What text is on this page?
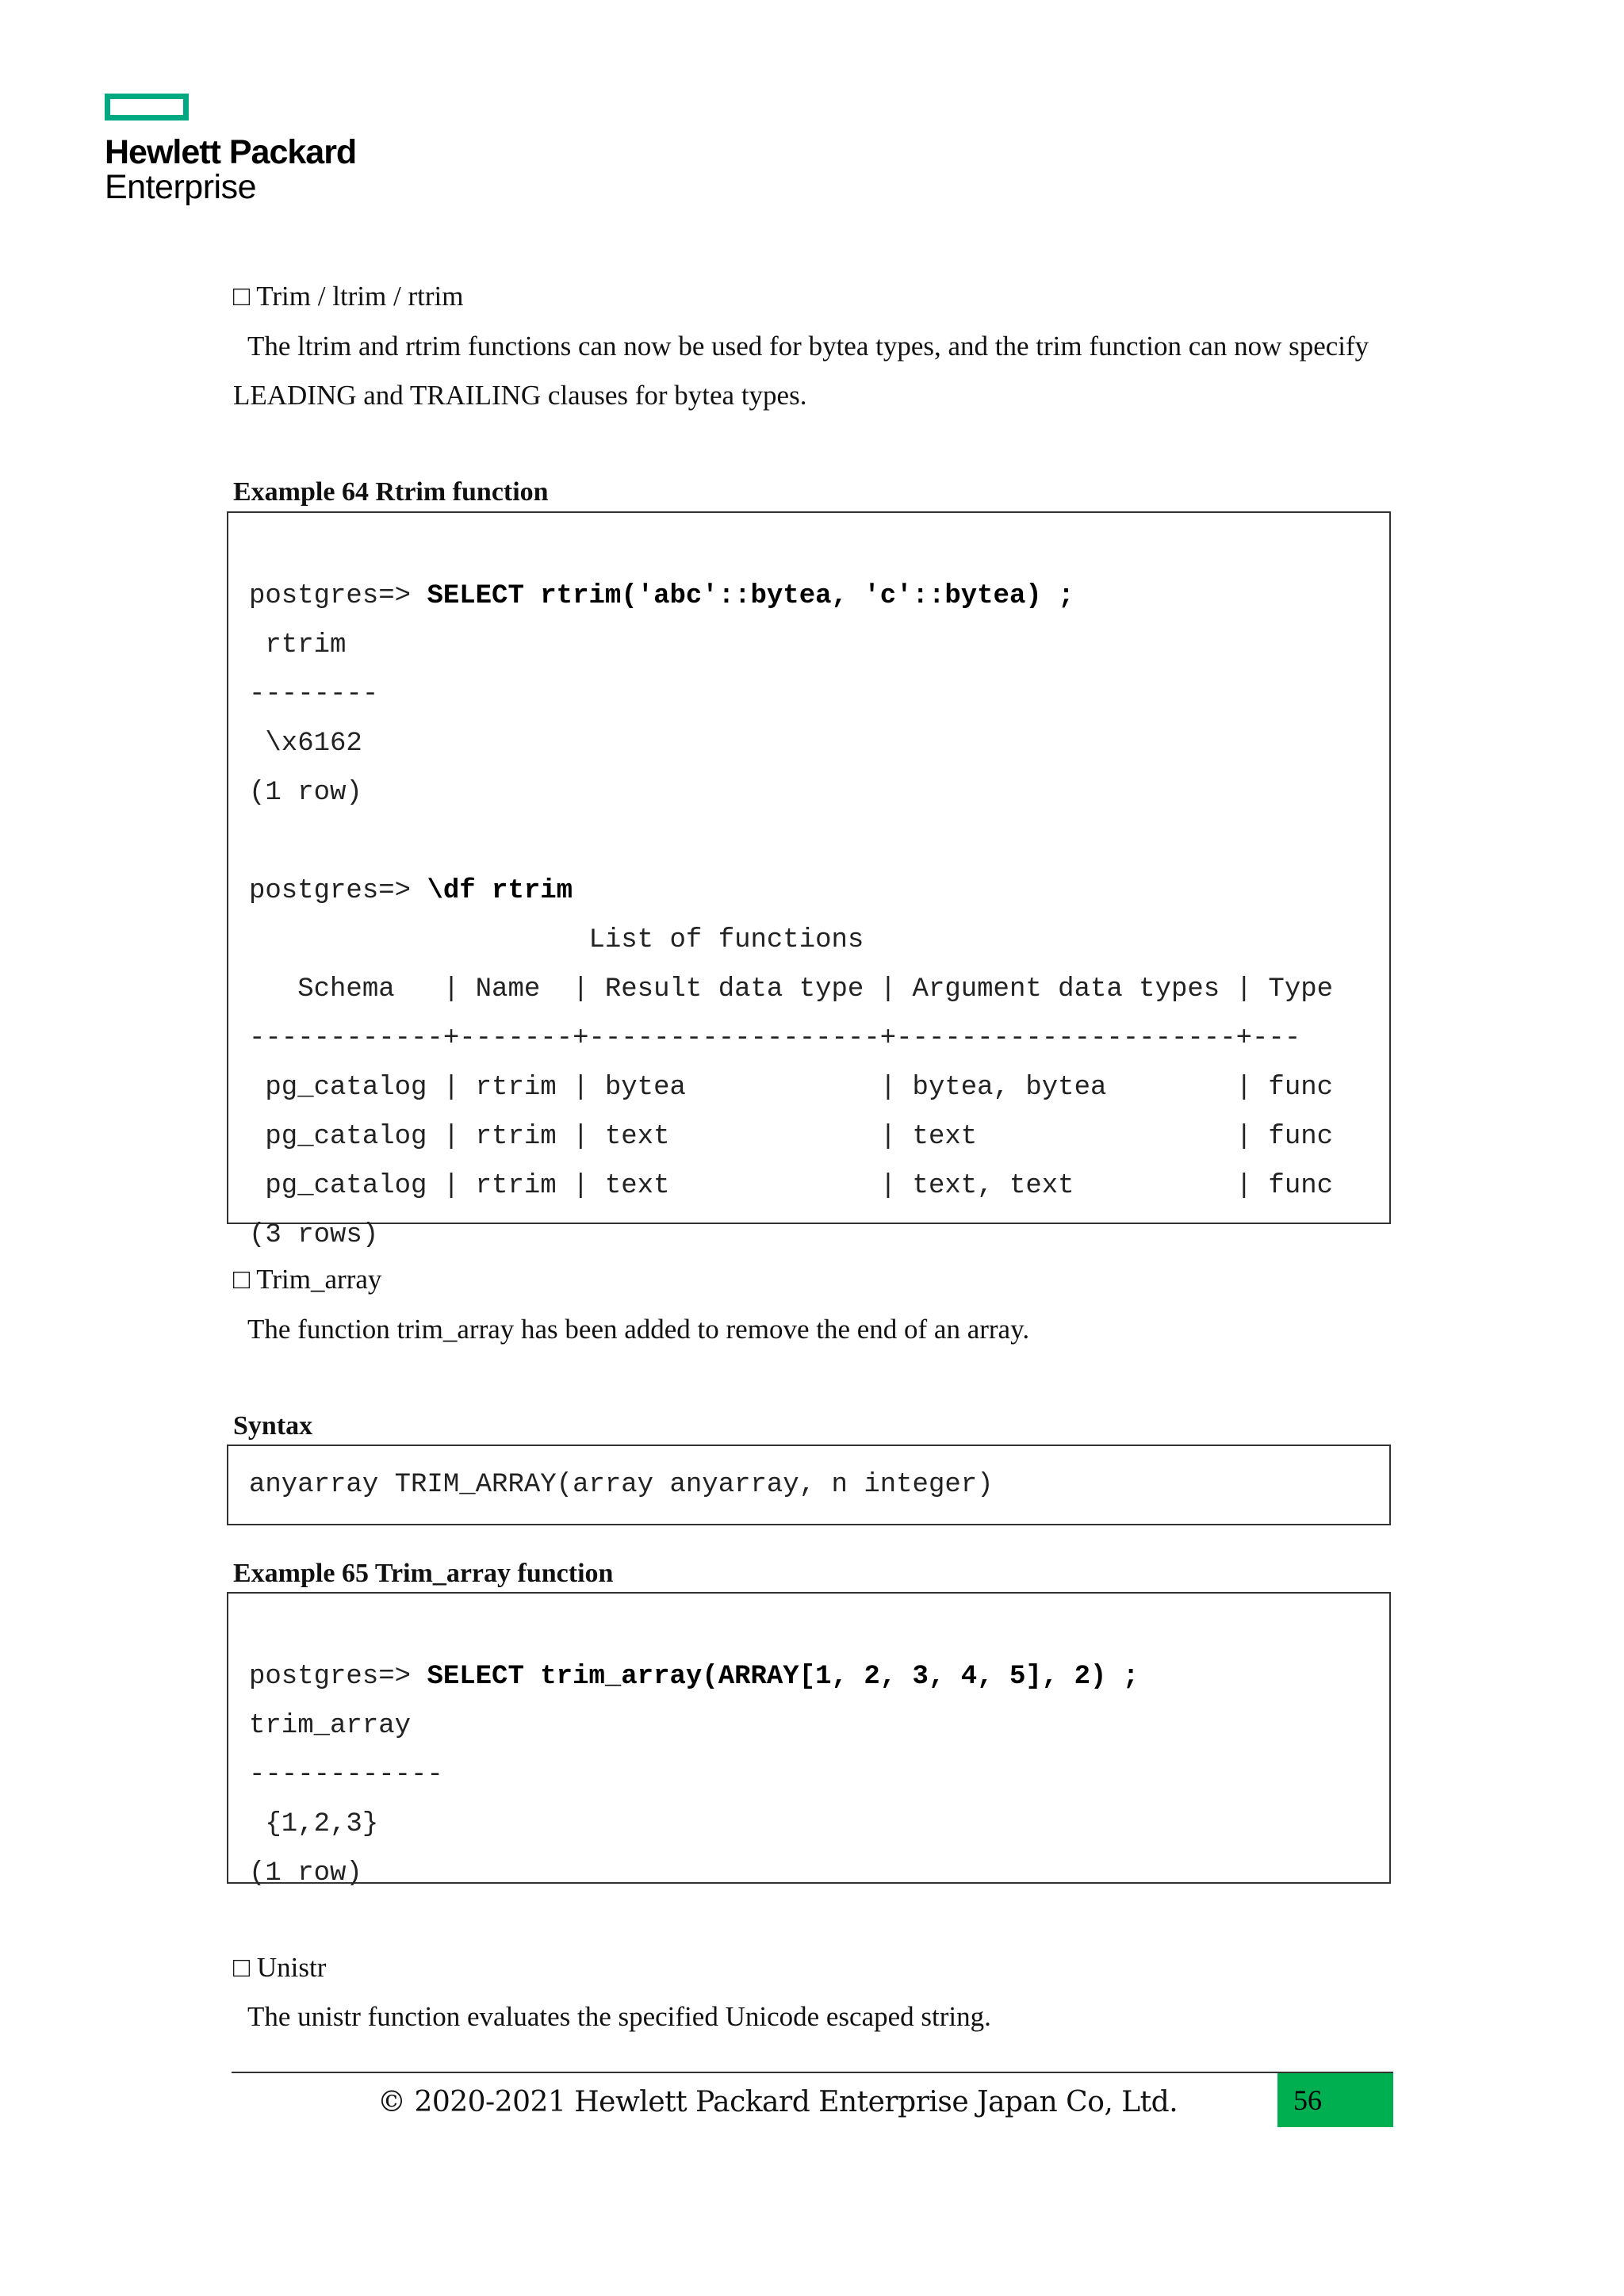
Hewlett Packard
Enterprise
□ Trim / ltrim / rtrim
The ltrim and rtrim functions can now be used for bytea types, and the trim function can now specify
LEADING and TRAILING clauses for bytea types.
Example 64 Rtrim function

postgres=> SELECT rtrim('abc'::bytea, 'c'::bytea) ;
rtrim
--------
\x6162
(1 row)

postgres=> \df rtrim
List of functions
Schema   | Name  | Result data type | Argument data types | Type
------------+-------+------------------+---------------------+---
pg_catalog | rtrim | bytea            | bytea, bytea        | func
pg_catalog | rtrim | text             | text                | func
pg_catalog | rtrim | text             | text, text          | func
(3 rows)

□ Trim_array
The function trim_array has been added to remove the end of an array.
Syntax
anyarray TRIM_ARRAY(array anyarray, n integer)
Example 65 Trim_array function

postgres=> SELECT trim_array(ARRAY[1, 2, 3, 4, 5], 2) ;
trim_array
------------
{1,2,3}
(1 row)

□ Unistr
The unistr function evaluates the specified Unicode escaped string.
© 2020-2021 Hewlett Packard Enterprise Japan Co, Ltd.	56
